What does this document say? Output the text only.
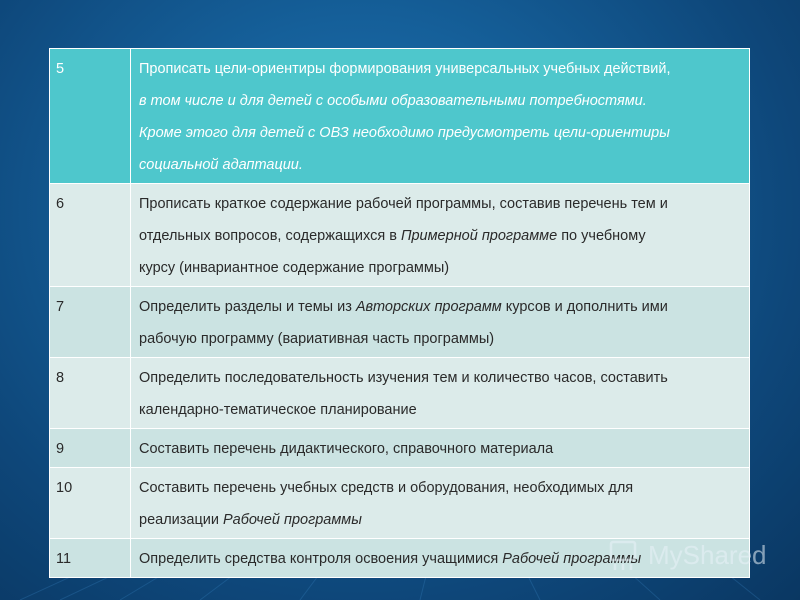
5	Прописать цели-ориентиры формирования универсальных учебных действий,
в том числе и для детей с особыми образовательными потребностями.
Кроме этого для детей с ОВЗ необходимо предусмотреть цели-ориентиры
социальной адаптации.
6	Прописать краткое содержание рабочей программы, составив перечень тем и
отдельных вопросов, содержащихся в Примерной программе по учебному
курсу (инвариантное содержание программы)
7	Определить разделы и темы из Авторских программ курсов и дополнить ими
рабочую программу (вариативная часть программы)
8	Определить последовательность изучения тем и количество часов, составить
календарно-тематическое планирование
9	Составить перечень дидактического, справочного материала
10	Составить перечень учебных средств и оборудования, необходимых для
реализации Рабочей программы
11	Определить средства контроля освоения учащимися Рабочей программы MyShared
